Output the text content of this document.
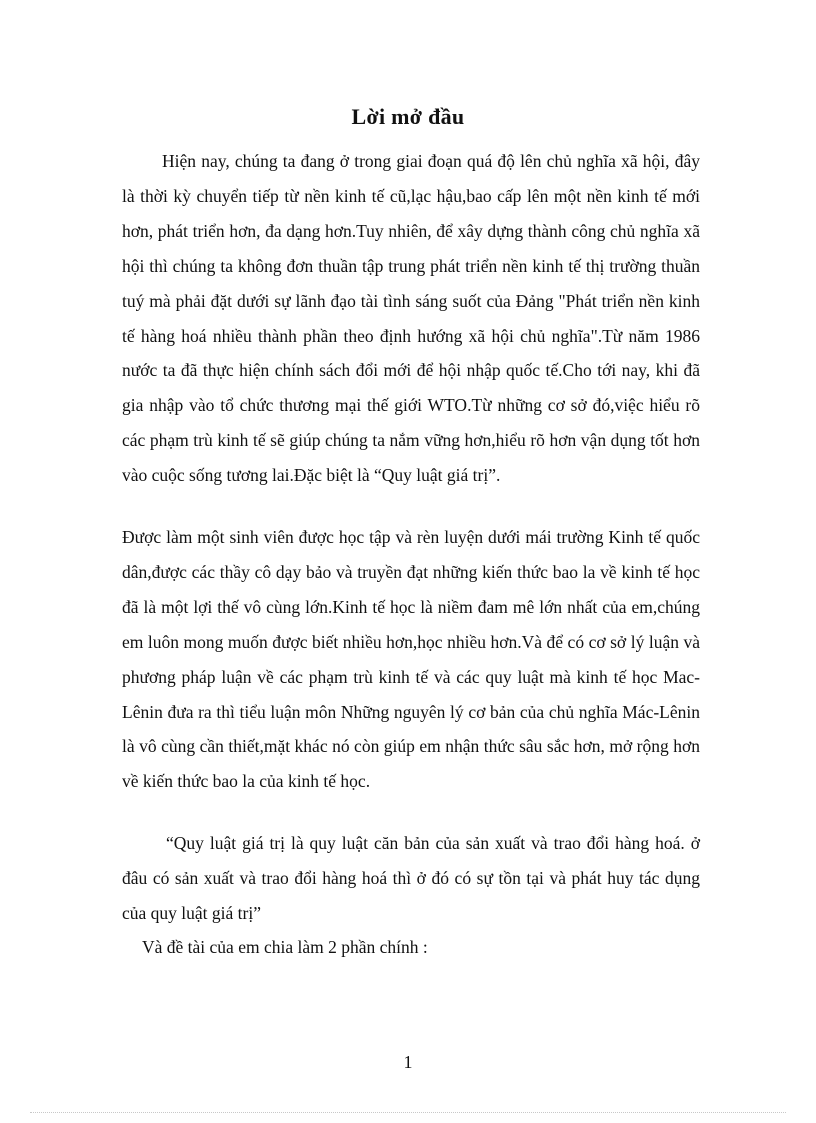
Lời mở đầu
Hiện nay, chúng ta đang ở trong giai đoạn quá độ lên chủ nghĩa xã hội, đây là thời kỳ chuyển tiếp từ nền kinh tế cũ,lạc hậu,bao cấp lên một nền kinh tế mới hơn, phát triển hơn, đa dạng hơn.Tuy nhiên, để xây dựng thành công chủ nghĩa xã hội thì chúng ta không đơn thuần tập trung phát triển nền kinh tế thị trường thuần tuý mà phải đặt dưới sự lãnh đạo tài tình sáng suốt của Đảng "Phát triển nền kinh tế hàng hoá nhiều thành phần theo định hướng xã hội chủ nghĩa".Từ năm 1986 nước ta đã thực hiện chính sách đổi mới để hội nhập quốc tế.Cho tới nay, khi đã gia nhập vào tổ chức thương mại thế giới WTO.Từ những cơ sở đó,việc hiểu rõ các phạm trù kinh tế sẽ giúp chúng ta nắm vững hơn,hiểu rõ hơn vận dụng tốt hơn vào cuộc sống tương lai.Đặc biệt là “Quy luật giá trị”.
Được làm một sinh viên được học tập và rèn luyện dưới mái trường Kinh tế quốc dân,được các thầy cô dạy bảo và truyền đạt những kiến thức bao la về kinh tế học đã là một lợi thế vô cùng lớn.Kinh tế học là niềm đam mê lớn nhất của em,chúng em luôn mong muốn được biết nhiều hơn,học nhiều hơn.Và để có cơ sở lý luận và phương pháp luận về các phạm trù kinh tế và các quy luật mà kinh tế học Mac-Lênin đưa ra thì tiểu luận môn Những nguyên lý cơ bản của chủ nghĩa Mác-Lênin là vô cùng cần thiết,mặt khác nó còn giúp em nhận thức sâu sắc hơn, mở rộng hơn về kiến thức bao la của kinh tế học.
“Quy luật giá trị là quy luật căn bản của sản xuất và trao đổi hàng hoá. ở đâu có sản xuất và trao đổi hàng hoá thì ở đó có sự tồn tại và phát huy tác dụng của quy luật giá trị”
Và đề tài của em chia làm 2 phần chính :
1
